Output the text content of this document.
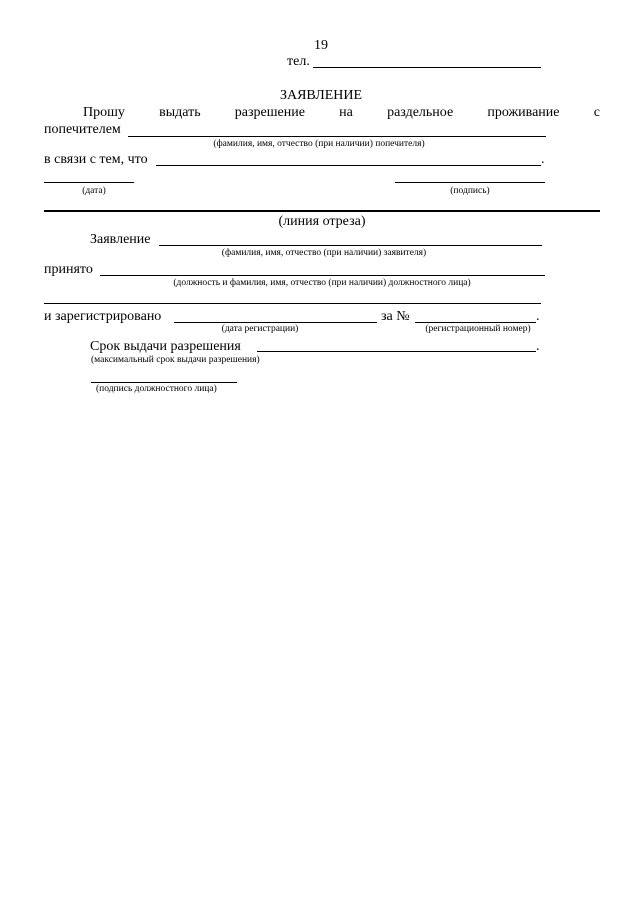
19
тел.
ЗАЯВЛЕНИЕ
Прошу выдать разрешение на раздельное проживание с
попечителем
(фамилия, имя, отчество (при наличии) попечителя)
в связи с тем, что	.
(дата)	(подпись)
(линия отреза)
Заявление
(фамилия, имя, отчество (при наличии) заявителя)
принято
(должность и фамилия, имя, отчество (при наличии) должностного лица)
и зарегистрировано	за №	.
(дата регистрации)	(регистрационный номер)
Срок выдачи разрешения	.
(максимальный срок выдачи разрешения)
(подпись должностного лица)
